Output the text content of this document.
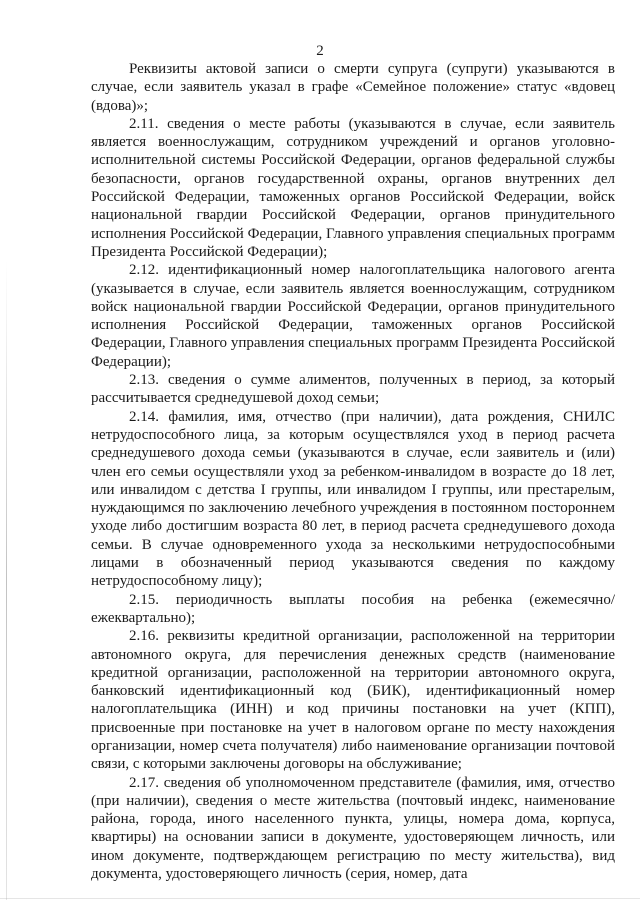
2

Реквизиты актовой записи о смерти супруга (супруги) указываются в случае, если заявитель указал в графе «Семейное положение» статус «вдовец (вдова)»;

2.11. сведения о месте работы (указываются в случае, если заявитель является военнослужащим, сотрудником учреждений и органов уголовно-исполнительной системы Российской Федерации, органов федеральной службы безопасности, органов государственной охраны, органов внутренних дел Российской Федерации, таможенных органов Российской Федерации, войск национальной гвардии Российской Федерации, органов принудительного исполнения Российской Федерации, Главного управления специальных программ Президента Российской Федерации);

2.12. идентификационный номер налогоплательщика налогового агента (указывается в случае, если заявитель является военнослужащим, сотрудником войск национальной гвардии Российской Федерации, органов принудительного исполнения Российской Федерации, таможенных органов Российской Федерации, Главного управления специальных программ Президента Российской Федерации);

2.13. сведения о сумме алиментов, полученных в период, за который рассчитывается среднедушевой доход семьи;

2.14. фамилия, имя, отчество (при наличии), дата рождения, СНИЛС нетрудоспособного лица, за которым осуществлялся уход в период расчета среднедушевого дохода семьи (указываются в случае, если заявитель и (или) член его семьи осуществляли уход за ребенком-инвалидом в возрасте до 18 лет, или инвалидом с детства I группы, или инвалидом I группы, или престарелым, нуждающимся по заключению лечебного учреждения в постоянном постороннем уходе либо достигшим возраста 80 лет, в период расчета среднедушевого дохода семьи. В случае одновременного ухода за несколькими нетрудоспособными лицами в обозначенный период указываются сведения по каждому нетрудоспособному лицу);

2.15. периодичность выплаты пособия на ребенка (ежемесячно/ ежеквартально);

2.16. реквизиты кредитной организации, расположенной на территории автономного округа, для перечисления денежных средств (наименование кредитной организации, расположенной на территории автономного округа, банковский идентификационный код (БИК), идентификационный номер налогоплательщика (ИНН) и код причины постановки на учет (КПП), присвоенные при постановке на учет в налоговом органе по месту нахождения организации, номер счета получателя) либо наименование организации почтовой связи, с которыми заключены договоры на обслуживание;

2.17. сведения об уполномоченном представителе (фамилия, имя, отчество (при наличии), сведения о месте жительства (почтовый индекс, наименование района, города, иного населенного пункта, улицы, номера дома, корпуса, квартиры) на основании записи в документе, удостоверяющем личность, или ином документе, подтверждающем регистрацию по месту жительства), вид документа, удостоверяющего личность (серия, номер, дата
